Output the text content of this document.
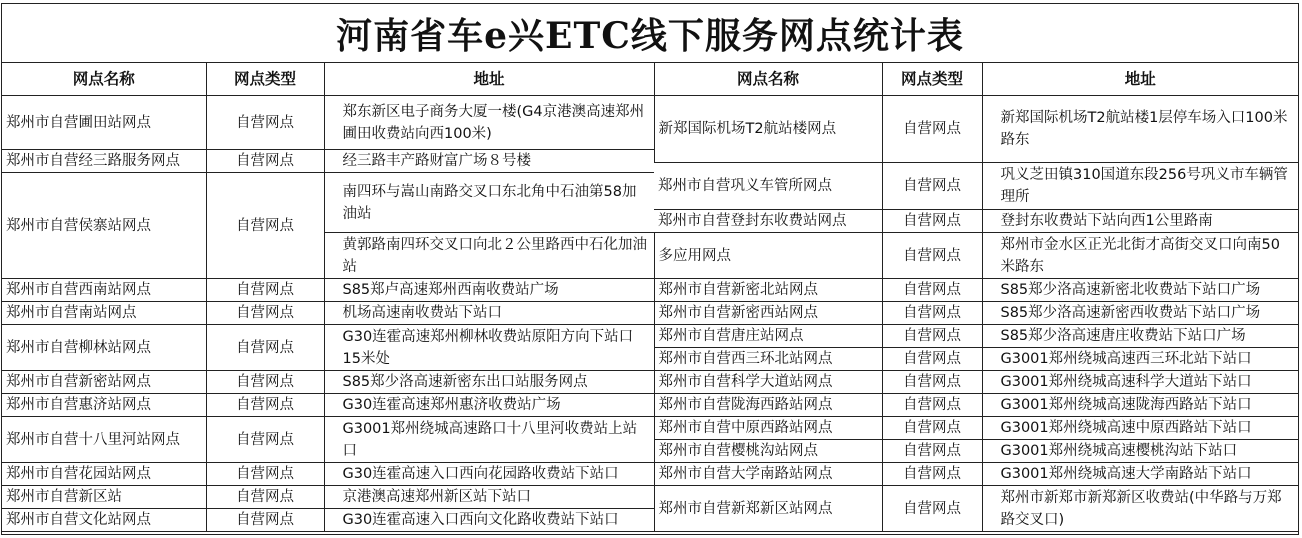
河南省车e兴ETC线下服务网点统计表
网点名称	网点类型	地址	网点名称	网点类型	地址
郑州市自营圃田站网点	自营网点	郑东新区电子商务大厦一楼(G4京港澳高速郑州圃田收费站向西100米)	新郑国际机场T2航站楼网点	自营网点	新郑国际机场T2航站楼1层停车场入口100米路东

郑州市自营经三路服务网点	自营网点	经三路丰产路财富广场８号楼			
			郑州市自营巩义车管所网点	自营网点	巩义芝田镇310国道东段256号巩义市车辆管理所
郑州市自营侯寨站网点	自营网点	南四环与嵩山南路交叉口东北角中石油第58加油站			

			郑州市自营登封东收费站网点	自营网点	登封东收费站下站向西1公里路南

		黄郭路南四环交叉口向北２公里路西中石化加油站	多应用网点	自营网点	郑州市金水区正光北街才高街交叉口向南50米路东

郑州市自营西南站网点	自营网点	S85郑卢高速郑州西南收费站广场	郑州市自营新密北站网点	自营网点	S85郑少洛高速新密北收费站下站口广场
郑州市自营南站网点	自营网点	机场高速南收费站下站口	郑州市自营新密西站网点	自营网点	S85郑少洛高速新密西收费站下站口广场
郑州市自营柳林站网点	自营网点	G30连霍高速郑州柳林收费站原阳方向下站口15米处	郑州市自营唐庄站网点	自营网点	S85郑少洛高速唐庄收费站下站口广场
			郑州市自营西三环北站网点	自营网点	G3001郑州绕城高速西三环北站下站口
郑州市自营新密站网点	自营网点	S85郑少洛高速新密东出口站服务网点	郑州市自营科学大道站网点	自营网点	G3001郑州绕城高速科学大道站下站口
郑州市自营惠济站网点	自营网点	G30连霍高速郑州惠济收费站广场	郑州市自营陇海西路站网点	自营网点	G3001郑州绕城高速陇海西路站下站口
郑州市自营十八里河站网点	自营网点	G3001郑州绕城高速路口十八里河收费站上站口	郑州市自营中原西路站网点	自营网点	G3001郑州绕城高速中原西路站下站口
			郑州市自营樱桃沟站网点	自营网点	G3001郑州绕城高速樱桃沟站下站口
郑州市自营花园站网点	自营网点	G30连霍高速入口西向花园路收费站下站口	郑州市自营大学南路站网点	自营网点	G3001郑州绕城高速大学南路站下站口
郑州市自营新区站	自营网点	京港澳高速郑州新区站下站口	郑州市自营新郑新区站网点	自营网点	郑州市新郑市新郑新区收费站(中华路与万郑路交叉口)
郑州市自营文化站网点	自营网点	G30连霍高速入口西向文化路收费站下站口			
